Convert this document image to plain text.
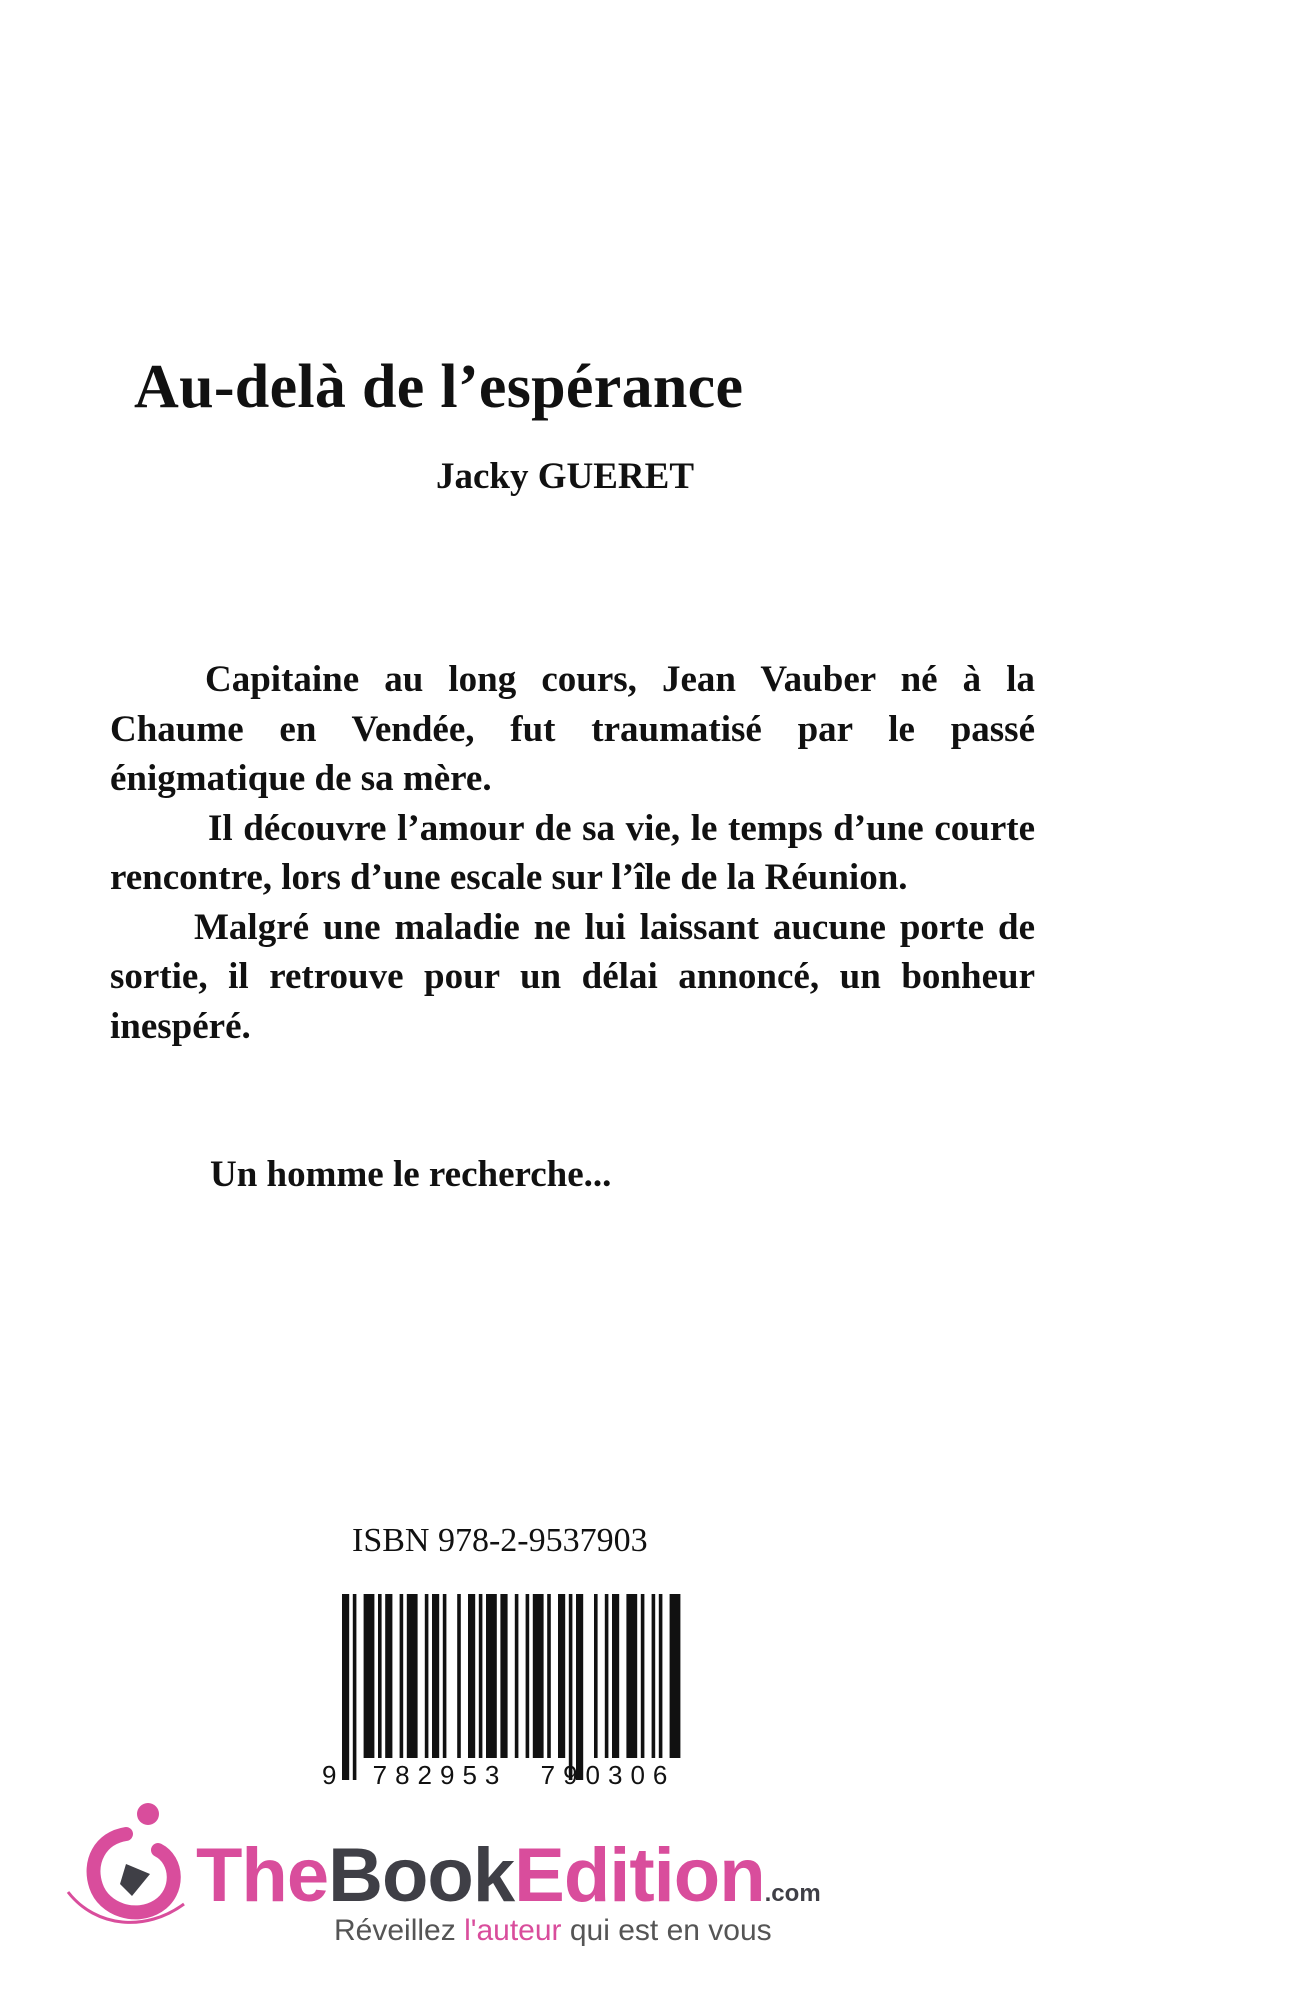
Au-delà de l’espérance
Jacky GUERET

Capitaine au long cours, Jean Vauber né à la Chaume en Vendée, fut traumatisé par le passé énigmatique de sa mère.

Il découvre l’amour de sa vie, le temps d’une courte rencontre, lors d’une escale sur l’île de la Réunion.

Malgré une maladie ne lui laissant aucune porte de sortie, il retrouve pour un délai annoncé, un bonheur inespéré.

Un homme le recherche...
ISBN 978-2-9537903
9	782953	790306
TheBookEdition.com
Réveillez l'auteur qui est en vous
